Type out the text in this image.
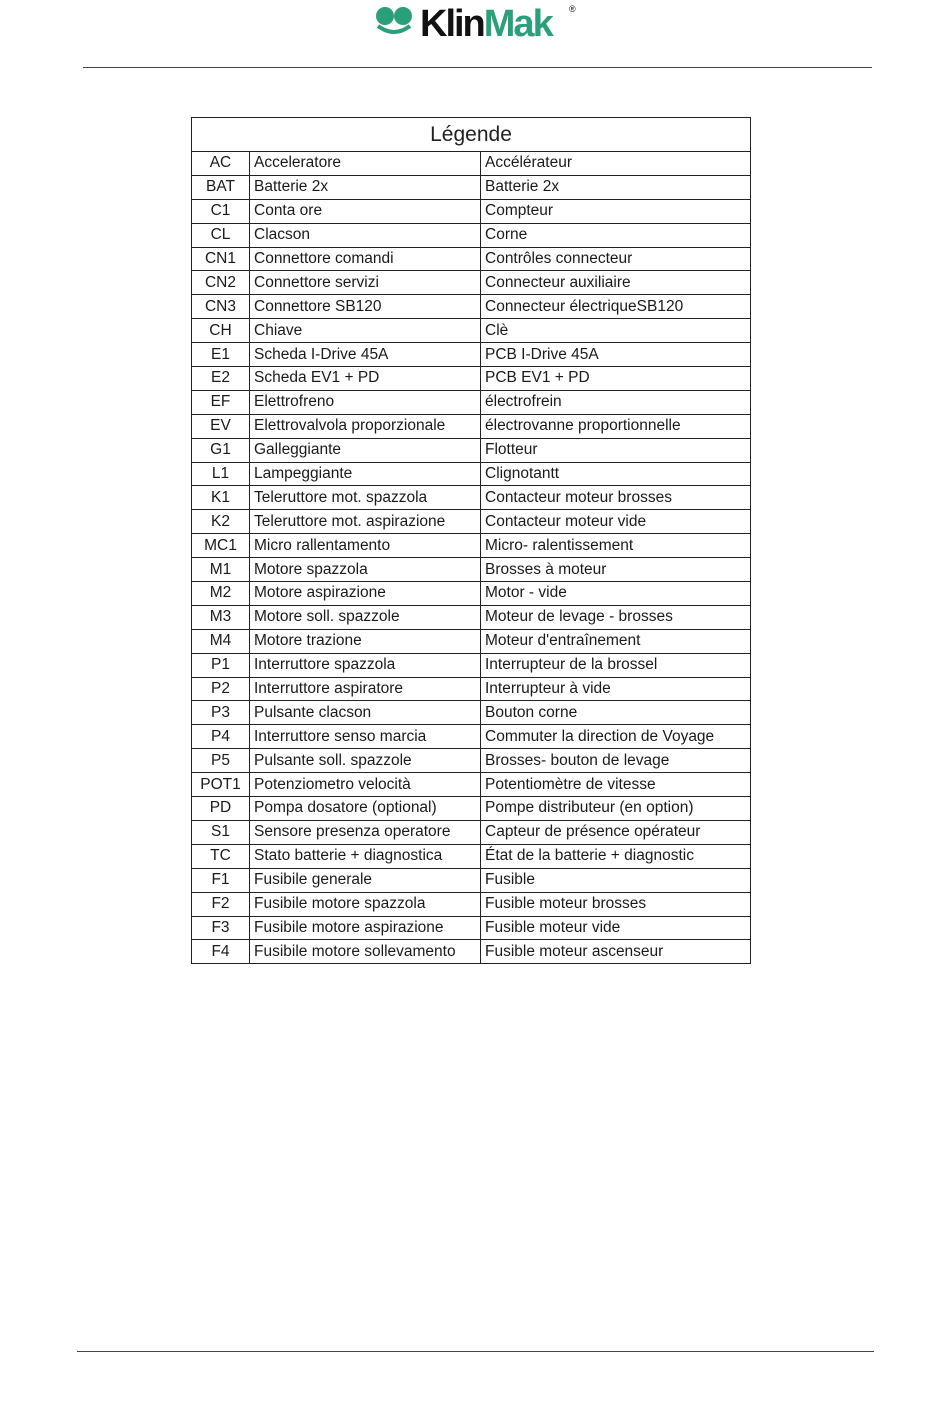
KlinMak	®
Légende		
AC	Acceleratore	Accélérateur
BAT	Batterie 2x	Batterie 2x
C1	Conta ore	Compteur
CL	Clacson	Corne
CN1	Connettore comandi	Contrôles connecteur
CN2	Connettore servizi	Connecteur auxiliaire
CN3	Connettore SB120	Connecteur électriqueSB120
CH	Chiave	Clè
E1	Scheda I-Drive 45A	PCB I-Drive 45A
E2	Scheda EV1 + PD	PCB EV1 + PD
EF	Elettrofreno	électrofrein
EV	Elettrovalvola proporzionale	électrovanne proportionnelle
G1	Galleggiante	Flotteur
L1	Lampeggiante	Clignotantt
K1	Teleruttore mot. spazzola	Contacteur moteur brosses
K2	Teleruttore mot. aspirazione	Contacteur moteur vide
MC1	Micro rallentamento	Micro- ralentissement
M1	Motore spazzola	Brosses à moteur
M2	Motore aspirazione	Motor - vide
M3	Motore soll. spazzole	Moteur de levage - brosses
M4	Motore trazione	Moteur d'entraînement
P1	Interruttore spazzola	Interrupteur de la brossel
P2	Interruttore aspiratore	Interrupteur à vide
P3	Pulsante clacson	Bouton corne
P4	Interruttore senso marcia	Commuter la direction de Voyage
P5	Pulsante soll. spazzole	Brosses- bouton de levage
POT1	Potenziometro velocità	Potentiomètre de vitesse
PD	Pompa dosatore (optional)	Pompe distributeur (en option)
S1	Sensore presenza operatore	Capteur de présence opérateur
TC	Stato batterie + diagnostica	État de la batterie + diagnostic
F1	Fusibile generale	Fusible
F2	Fusibile motore spazzola	Fusible moteur brosses
F3	Fusibile motore aspirazione	Fusible moteur vide
F4	Fusibile motore sollevamento	Fusible moteur ascenseur
